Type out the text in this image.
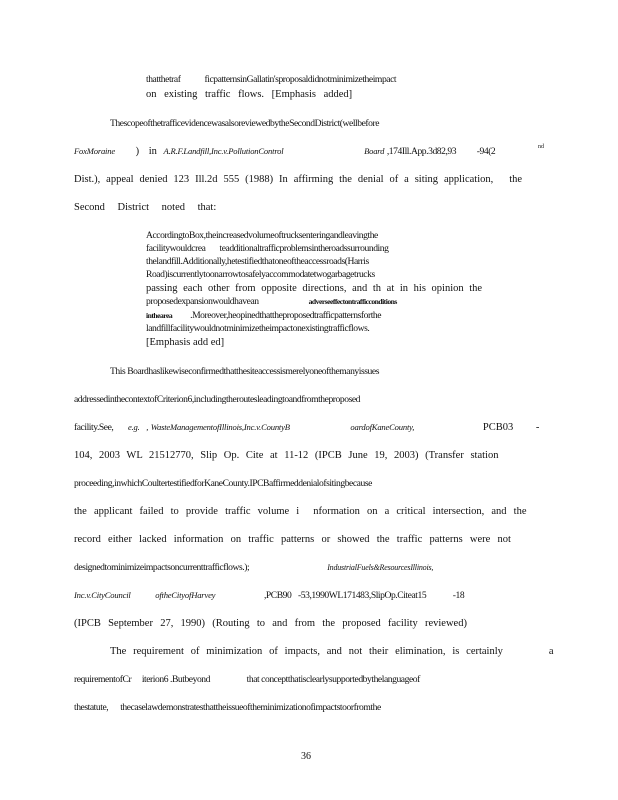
thatthetraf	ficpatternsinGallatin'sproposaldidnotminimizetheimpact
on existing traffic flows. [Emphasis added]
ThescopeofthetrafficevidencewasalsoreviewedbytheSecondDistrict(wellbefore
FoxMoraine ) in A.R.F.Landfill,Inc.v.PollutionControl	Board ,174Ill.App.3d82,93 -94(2	nd
Dist.), appeal denied 123 Ill.2d 555 (1988) In affirming the denial of a siting application, the
Second District noted that:
AccordingtoBox,theincreasedvolumeoftrucksenteringandleavingthe
facilitywouldcrea teadditionaltrafficproblemsintheroadssurrounding
thelandfill.Additionally,hetestifiedthatoneoftheaccessroads(Harris
Road)iscurrentlytoonarrowtosafelyaccommodatetwogarbagetrucks
passing each other from opposite directions, and th at in his opinion the
proposedexpansionwouldhavean	adverseeffectontrafficconditions
inthearea .Moreover,heopinedthattheproposedtrafficpatternsforthe
landfillfacilitywouldnotminimizetheimpactonexistingtrafficflows.
[Emphasis add ed]
This Boardhaslikewiseconfirmedthatthesiteaccessismerelyoneofthemanyissues
addressedinthecontextofCriterion6,includingtheroutesleadingtoandfromtheproposed
facility.See, e.g. , WasteManagementofIllinois,Inc.v.CountyB	oardofKaneCounty,	PCB03 -
104, 2003 WL 21512770, Slip Op. Cite at 11-12 (IPCB June 19, 2003) (Transfer station
proceeding,inwhichCoultertestifiedforKaneCounty.IPCBaffirmeddenialofsitingbecause
the applicant failed to provide traffic volume i nformation on a critical intersection, and the
record either lacked information on traffic patterns or showed the traffic patterns were not
designedtominimizeimpactsoncurrenttrafficflows.);	IndustrialFuels&ResourcesIllinois,
Inc.v.CityCouncil	oftheCityofHarvey	,PCB90 -53,1990WL171483,SlipOp.Citeat15	-18
(IPCB September 27, 1990) (Routing to and from the proposed facility reviewed)
The requirement of minimization of impacts, and not their elimination, is certainly	a
requirementofCr iterion6 .Butbeyond	that conceptthatisclearlysupportedbythelanguageof
thestatute, thecaselawdemonstratesthattheissueoftheminimizationofimpactstoorfromthe
36
